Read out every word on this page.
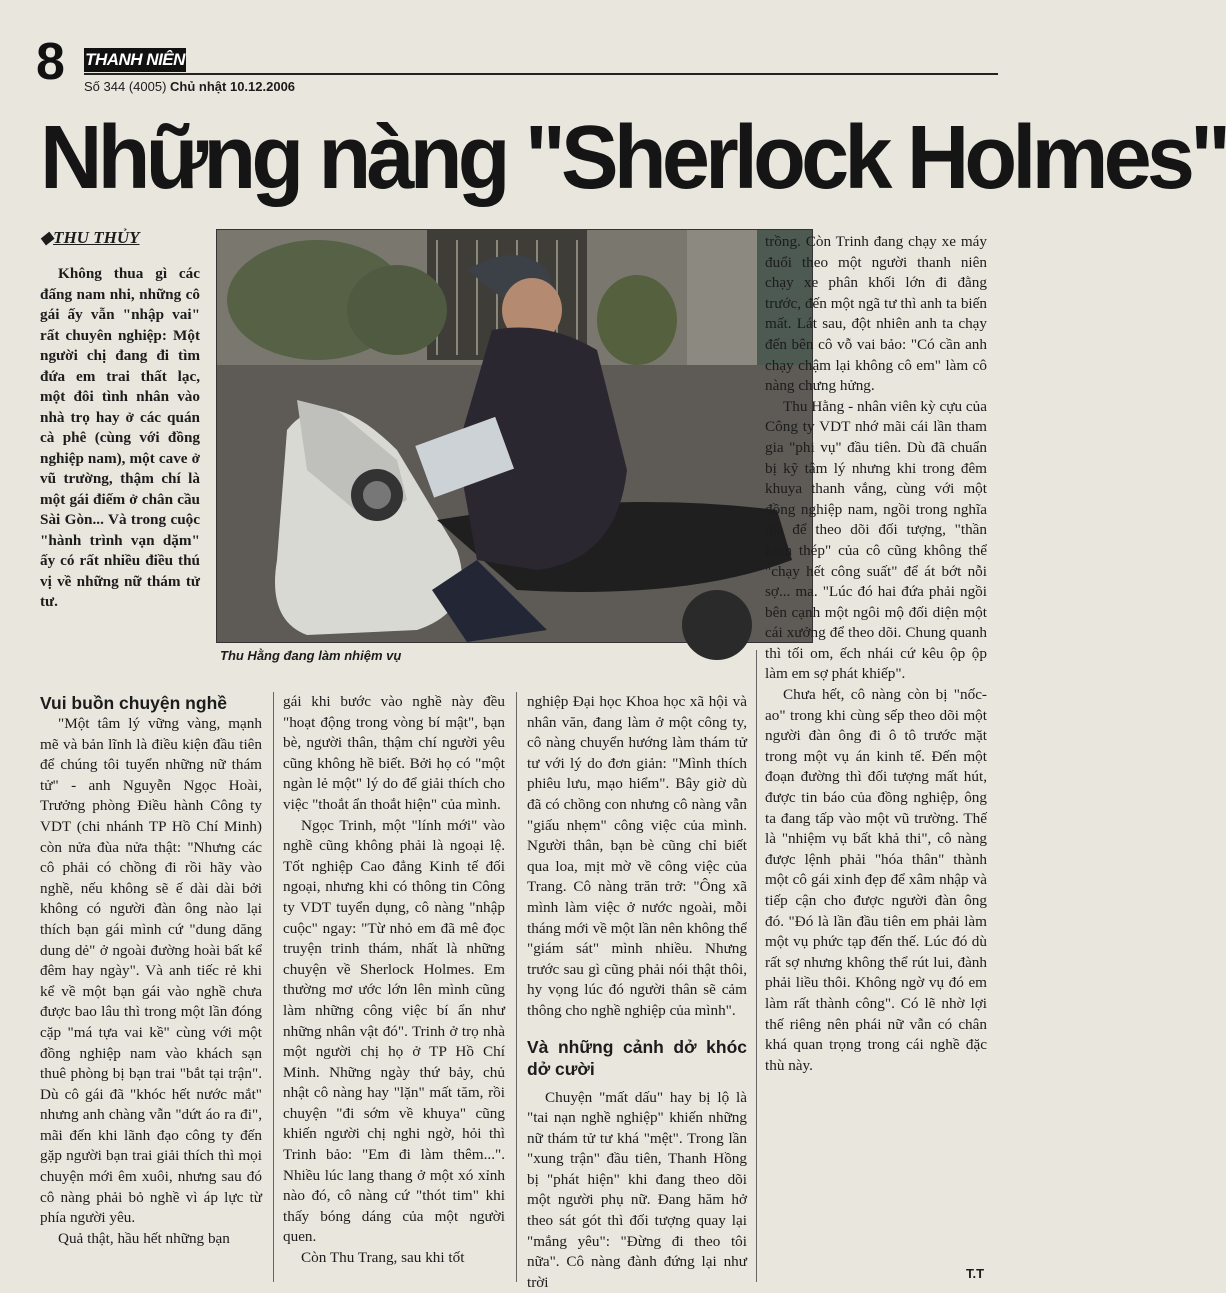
8 THANH NIÊN
Số 344 (4005) Chủ nhật 10.12.2006
Những nàng "Sherlock Holmes"
◆THU THỦY

Không thua gì các đấng nam nhi, những cô gái ấy vẫn "nhập vai" rất chuyên nghiệp: Một người chị đang đi tìm đứa em trai thất lạc, một đôi tình nhân vào nhà trọ hay ở các quán cà phê (cùng với đồng nghiệp nam), một cave ở vũ trường, thậm chí là một gái điếm ở chân cầu Sài Gòn... Và trong cuộc "hành trình vạn dặm" ấy có rất nhiều điều thú vị về những nữ thám tử tư.

Thu Hằng đang làm nhiệm vụ
Vui buồn chuyện nghề

"Một tâm lý vững vàng, mạnh mẽ và bản lĩnh là điều kiện đầu tiên để chúng tôi tuyển những nữ thám tử" - anh Nguyễn Ngọc Hoài, Trưởng phòng Điều hành Công ty VDT (chi nhánh TP Hồ Chí Minh) còn nửa đùa nửa thật: "Nhưng các cô phải có chồng đi rồi hãy vào nghề, nếu không sẽ ế dài dài bởi không có người đàn ông nào lại thích bạn gái mình cứ "dung dăng dung dẻ" ở ngoài đường hoài bất kể đêm hay ngày". Và anh tiếc rẻ khi kể về một bạn gái vào nghề chưa được bao lâu thì trong một lần đóng cặp "má tựa vai kề" cùng với một đồng nghiệp nam vào khách sạn thuê phòng bị bạn trai "bắt tại trận". Dù cô gái đã "khóc hết nước mắt" nhưng anh chàng vẫn "dứt áo ra đi", mãi đến khi lãnh đạo công ty đến gặp người bạn trai giải thích thì mọi chuyện mới êm xuôi, nhưng sau đó cô nàng phải bỏ nghề vì áp lực từ phía người yêu.

Quả thật, hầu hết những bạn

gái khi bước vào nghề này đều "hoạt động trong vòng bí mật", bạn bè, người thân, thậm chí người yêu cũng không hề biết. Bởi họ có "một ngàn lẻ một" lý do để giải thích cho việc "thoắt ẩn thoắt hiện" của mình.

Ngọc Trinh, một "lính mới" vào nghề cũng không phải là ngoại lệ. Tốt nghiệp Cao đẳng Kinh tế đối ngoại, nhưng khi có thông tin Công ty VDT tuyển dụng, cô nàng "nhập cuộc" ngay: "Từ nhỏ em đã mê đọc truyện trinh thám, nhất là những chuyện về Sherlock Holmes. Em thường mơ ước lớn lên mình cũng làm những công việc bí ẩn như những nhân vật đó". Trinh ở trọ nhà một người chị họ ở TP Hồ Chí Minh. Những ngày thứ bảy, chủ nhật cô nàng hay "lặn" mất tăm, rồi chuyện "đi sớm về khuya" cũng khiến người chị nghi ngờ, hỏi thì Trinh bảo: "Em đi làm thêm...". Nhiều lúc lang thang ở một xó xỉnh nào đó, cô nàng cứ "thót tim" khi thấy bóng dáng của một người quen.

Còn Thu Trang, sau khi tốt

nghiệp Đại học Khoa học xã hội và nhân văn, đang làm ở một công ty, cô nàng chuyển hướng làm thám tử tư với lý do đơn giản: "Mình thích phiêu lưu, mạo hiểm". Bây giờ dù đã có chồng con nhưng cô nàng vẫn "giấu nhẹm" công việc của mình. Người thân, bạn bè cũng chỉ biết qua loa, mịt mờ về công việc của Trang. Cô nàng trăn trở: "Ông xã mình làm việc ở nước ngoài, mỗi tháng mới về một lần nên không thể "giám sát" mình nhiều. Nhưng trước sau gì cũng phải nói thật thôi, hy vọng lúc đó người thân sẽ cảm thông cho nghề nghiệp của mình".

Và những cảnh dở khóc dở cười

Chuyện "mất dấu" hay bị lộ là "tai nạn nghề nghiệp" khiến những nữ thám tử tư khá "mệt". Trong lần "xung trận" đầu tiên, Thanh Hồng bị "phát hiện" khi đang theo dõi một người phụ nữ. Đang hăm hở theo sát gót thì đối tượng quay lại "mắng yêu": "Đừng đi theo tôi nữa". Cô nàng đành đứng lại như trời

trồng. Còn Trinh đang chạy xe máy đuổi theo một người thanh niên chạy xe phân khối lớn đi đằng trước, đến một ngã tư thì anh ta biến mất. Lát sau, đột nhiên anh ta chạy đến bên cô vỗ vai bảo: "Có cần anh chạy chậm lại không cô em" làm cô nàng chưng hửng.

Thu Hằng - nhân viên kỳ cựu của Công ty VDT nhớ mãi cái lần tham gia "phi vụ" đầu tiên. Dù đã chuẩn bị kỹ tâm lý nhưng khi trong đêm khuya thanh vắng, cùng với một đồng nghiệp nam, ngồi trong nghĩa địa để theo dõi đối tượng, "thần kinh thép" của cô cũng không thể "chạy hết công suất" để át bớt nỗi sợ... ma. "Lúc đó hai đứa phải ngồi bên cạnh một ngôi mộ đối diện một cái xưởng để theo dõi. Chung quanh thì tối om, ếch nhái cứ kêu ộp ộp làm em sợ phát khiếp".

Chưa hết, cô nàng còn bị "nốc-ao" trong khi cùng sếp theo dõi một người đàn ông đi ô tô trước mặt trong một vụ án kinh tế. Đến một đoạn đường thì đối tượng mất hút, được tin báo của đồng nghiệp, ông ta đang tấp vào một vũ trường. Thế là "nhiệm vụ bất khả thi", cô nàng được lệnh phải "hóa thân" thành một cô gái xinh đẹp để xâm nhập và tiếp cận cho được người đàn ông đó. "Đó là lần đầu tiên em phải làm một vụ phức tạp đến thế. Lúc đó dù rất sợ nhưng không thể rút lui, đành phải liều thôi. Không ngờ vụ đó em làm rất thành công". Có lẽ nhờ lợi thế riêng nên phái nữ vẫn có chân khá quan trọng trong cái nghề đặc thù này.

T.T
